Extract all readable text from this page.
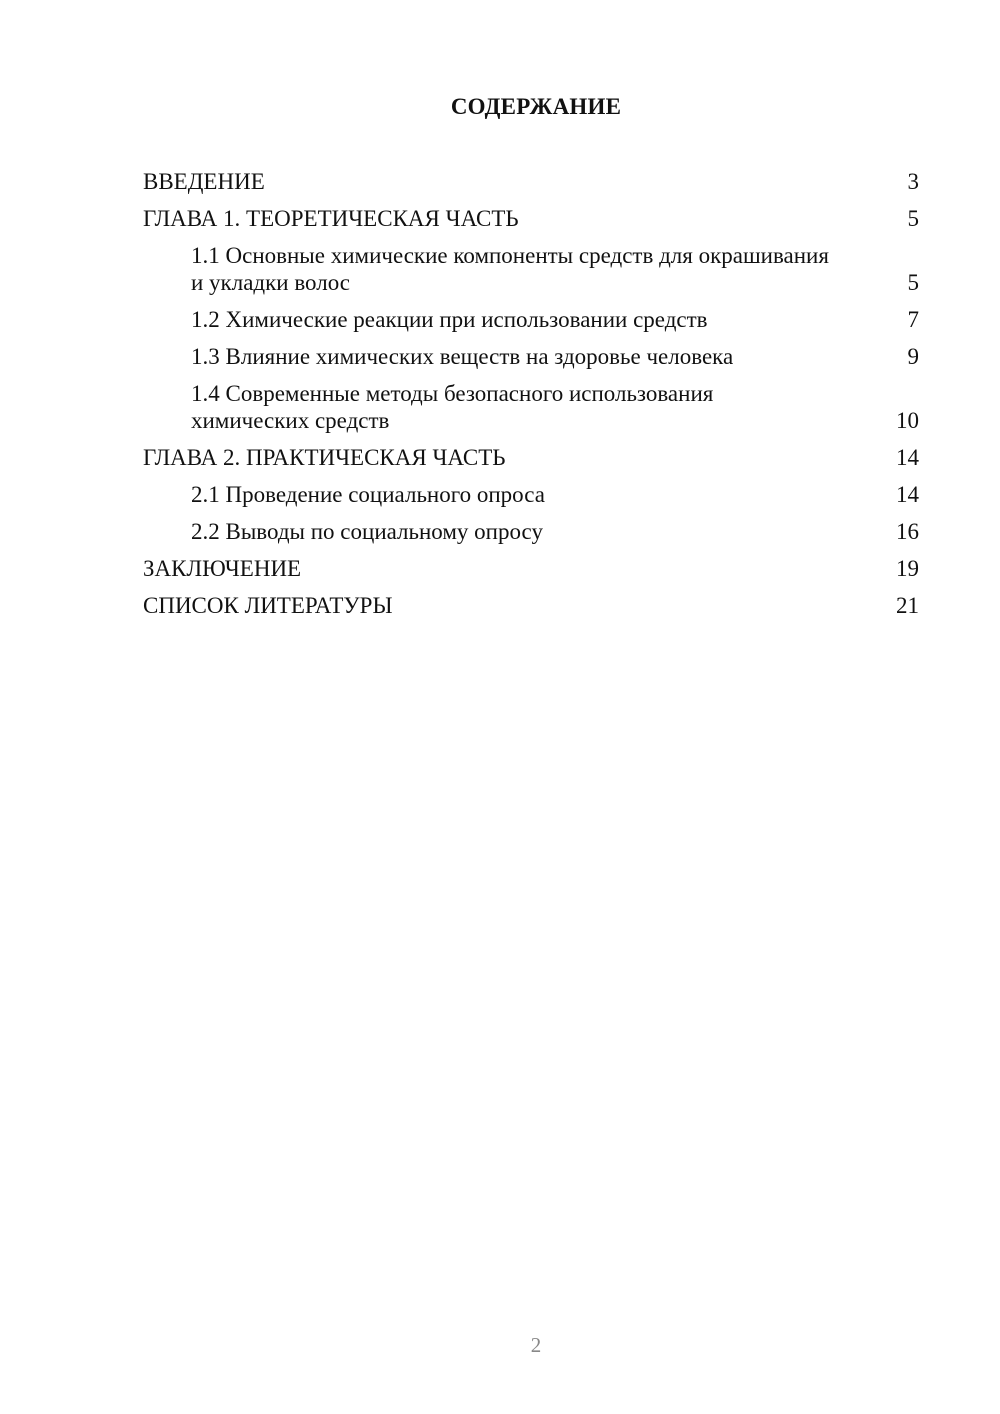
СОДЕРЖАНИЕ
ВВЕДЕНИЕ	3
ГЛАВА 1. ТЕОРЕТИЧЕСКАЯ ЧАСТЬ	5
1.1 Основные химические компоненты средств для окрашивания и укладки волос	5
1.2 Химические реакции при использовании средств	7
1.3 Влияние химических веществ на здоровье человека	9
1.4 Современные методы безопасного использования химических средств	10
ГЛАВА 2. ПРАКТИЧЕСКАЯ ЧАСТЬ	14
2.1 Проведение социального опроса	14
2.2 Выводы по социальному опросу	16
ЗАКЛЮЧЕНИЕ	19
СПИСОК ЛИТЕРАТУРЫ	21
2
